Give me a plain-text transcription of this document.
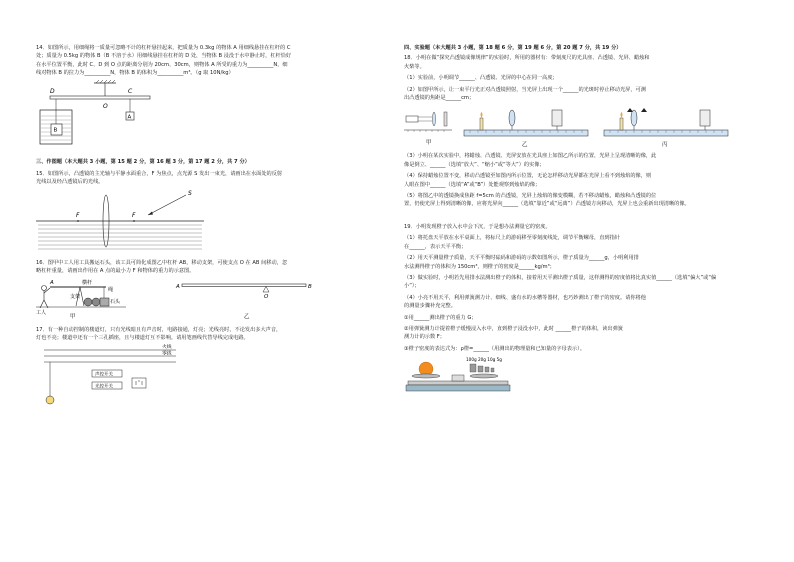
14．如图所示，用细绳将一质量可忽略不计的杠杆悬挂起来，把质量为 0.3kg 的物体 A 用细线悬挂在杠杆的 C

处；质量为 0.5kg 的物体 B（B 不溶于水）用细线悬挂在杠杆的 D 处，当物体 B 浸没于水中静止时，杠杆恰好

在水平位置平衡，此时 C、D 到 O 点的距离分别为 20cm、30cm，则物体 A 所受的重力为__________N，细

线对物体 B 的拉力为__________N，物体 B 的体积为__________m³。（g 取 10N/kg）

D
O
C
A
B

三、作图题（本大题共 3 小题，第 15 题 2 分，第 16 题 3 分，第 17 题 2 分，共 7 分）

15．如图所示，凸透镜的主光轴与平静水面重合，F 为焦点，点光源 S 发出一束光，请画出在水面处的反射

光线以及经凸透镜后的光线。

S
F	F

16．图甲中工人用工具搬运石头，该工具可简化成图乙中杠杆 AB，移动支架，可使支点 O 在 AB 间移动，忽

略杠杆重量，请画出作用在 A 点的最小力 F 和物体的重力的示意图。

A
工人
支架
横杆
绳
石头
甲
A	B
O
乙

17．有一种自动控制的楼道灯，只有光线暗且有声音时，电路接通，灯亮；光线亮时，不论发出多大声音，

灯也不亮；楼道中还有一个三孔插座，且与楼道灯互不影响。请用笔画线代替导线完成电路。

火线
零线
声控开关
光控开关

四、实验题（本大题共 3 小题，第 18 题 6 分，第 19 题 6 分，第 20 题 7 分，共 19 分）

18．小明在做“探究凸透镜成像规律”的实验时，所用的器材有：带刻度尺的光具座、凸透镜、光屏、蜡烛和

火柴等。

（1）实验前，小明调节______、凸透镜、光屏的中心在同一高度；

（2）如图甲所示，让一束平行光正对凸透镜照射，当光屏上出现一个______的光斑时停止移动光屏，可测

出凸透镜的焦距是______cm；

甲	乙	丙

（3）小明在某次实验中，将蜡烛、凸透镜、光屏安放在光具座上如图乙所示的位置，光屏上呈现清晰的像，此

像是倒立、______（选填“放大”、“缩小”或“等大”）的实像；

（4）保持蜡烛位置不变，移动凸透镜至如图丙所示位置，无论怎样移动光屏都在光屏上看不到烛焰的像，则

人眼在图中______（选填“A”或“B”）处能观察到烛焰的像；

（5）将图乙中的透镜换成焦距 f=5cm 的凸透镜，光屏上烛焰的像变模糊，若不移动蜡烛，蜡烛和凸透镜的位

置，仍使光屏上得到清晰的像，应将光屏向______（选填“靠近”或“远离”）凸透镜方向移动，光屏上也会重新出现清晰的像。

19．小明发现橙子放入水中会下沉，于是想办法测量它的密度。

（1）将托盘天平放在水平桌面上，将标尺上的游码移至零刻度线处，调节平衡螺母，直到指针

在______，表示天平平衡；

（2）用天平测量橙子质量，天平平衡时砝码和游码的示数如图所示，橙子质量为______g，小明利用排

水法测得橙子的体积为 150cm³，则橙子的密度是______kg/m³；

（3）做实验时，小明若先用排水法测出橙子的体积，接着用天平测出橙子质量，这样测得的密度值将比真实值______（选填“偏大”或“偏

小”）；

（4）小亮不用天平，利用弹簧测力计、细线、盛有水的水槽等器材，也巧妙测出了橙子的密度。请你将他

的测量步骤补充完整。

①用______测出橙子的重力 G；

②用弹簧测力计提着橙子缓慢浸入水中，直到橙子浸没水中，此时 ______橙子的体积，读出弹簧

测力计的示数 F；

③橙子密度的表达式为：ρ橙=______（用测出的物理量和已知量的字母表示）。

100g 20g 10g 5g
